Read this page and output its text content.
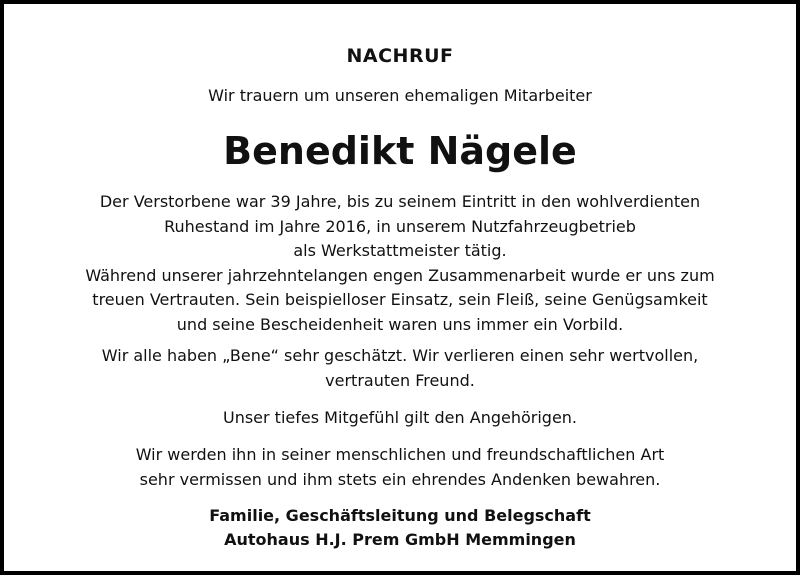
NACHRUF
Wir trauern um unseren ehemaligen Mitarbeiter
Benedikt Nägele
Der Verstorbene war 39 Jahre, bis zu seinem Eintritt in den wohlverdienten
Ruhestand im Jahre 2016, in unserem Nutzfahrzeugbetrieb
als Werkstattmeister tätig.
Während unserer jahrzehntelangen engen Zusammenarbeit wurde er uns zum
treuen Vertrauten. Sein beispielloser Einsatz, sein Fleiß, seine Genügsamkeit
und seine Bescheidenheit waren uns immer ein Vorbild.
Wir alle haben „Bene“ sehr geschätzt. Wir verlieren einen sehr wertvollen,
vertrauten Freund.
Unser tiefes Mitgefühl gilt den Angehörigen.
Wir werden ihn in seiner menschlichen und freundschaftlichen Art
sehr vermissen und ihm stets ein ehrendes Andenken bewahren.
Familie, Geschäftsleitung und Belegschaft
Autohaus H.J. Prem GmbH Memmingen
